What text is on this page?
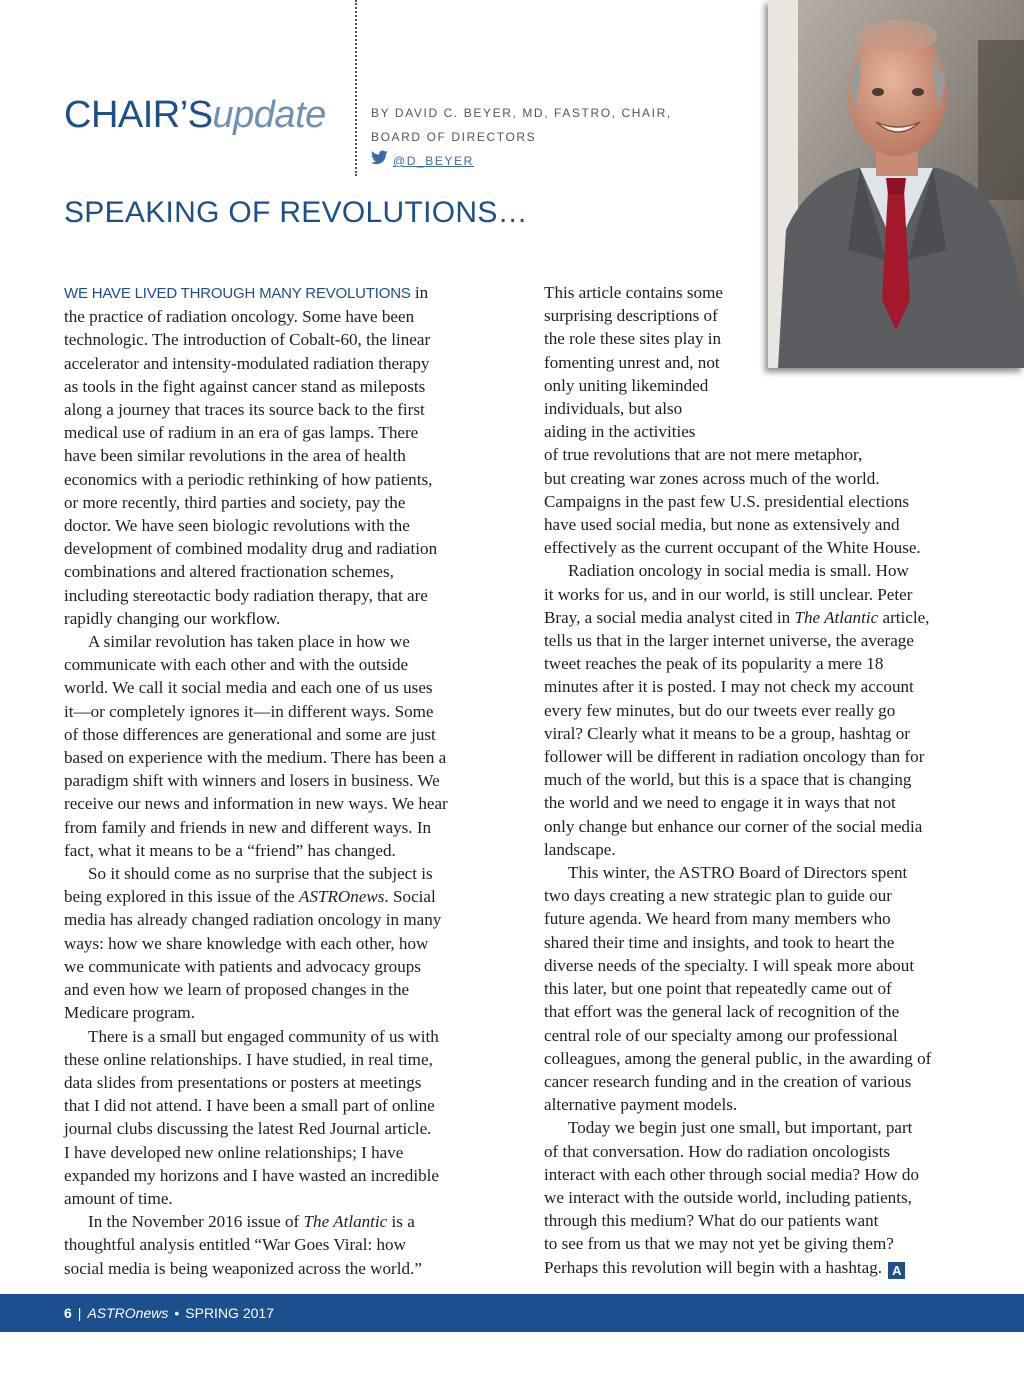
CHAIR’Supdate	BY DAVID C. BEYER, MD, FASTRO, CHAIR,
BOARD OF DIRECTORS
@D_BEYER
SPEAKING OF REVOLUTIONS…
WE HAVE LIVED THROUGH MANY REVOLUTIONS in
the practice of radiation oncology. Some have been
technologic. The introduction of Cobalt-60, the linear
accelerator and intensity-modulated radiation therapy
as tools in the fight against cancer stand as mileposts
along a journey that traces its source back to the first
medical use of radium in an era of gas lamps. There
have been similar revolutions in the area of health
economics with a periodic rethinking of how patients,
or more recently, third parties and society, pay the
doctor. We have seen biologic revolutions with the
development of combined modality drug and radiation
combinations and altered fractionation schemes,
including stereotactic body radiation therapy, that are
rapidly changing our workflow.
A similar revolution has taken place in how we
communicate with each other and with the outside
world. We call it social media and each one of us uses
it—or completely ignores it—in different ways. Some
of those differences are generational and some are just
based on experience with the medium. There has been a
paradigm shift with winners and losers in business. We
receive our news and information in new ways. We hear
from family and friends in new and different ways. In
fact, what it means to be a “friend” has changed.
So it should come as no surprise that the subject is
being explored in this issue of the ASTROnews. Social
media has already changed radiation oncology in many
ways: how we share knowledge with each other, how
we communicate with patients and advocacy groups
and even how we learn of proposed changes in the
Medicare program.
There is a small but engaged community of us with
these online relationships. I have studied, in real time,
data slides from presentations or posters at meetings
that I did not attend. I have been a small part of online
journal clubs discussing the latest Red Journal article.
I have developed new online relationships; I have
expanded my horizons and I have wasted an incredible
amount of time.
In the November 2016 issue of The Atlantic is a
thoughtful analysis entitled “War Goes Viral: how
social media is being weaponized across the world.”
This article contains some
surprising descriptions of
the role these sites play in
fomenting unrest and, not
only uniting likeminded
individuals, but also
aiding in the activities
of true revolutions that are not mere metaphor,
but creating war zones across much of the world.
Campaigns in the past few U.S. presidential elections
have used social media, but none as extensively and
effectively as the current occupant of the White House.
Radiation oncology in social media is small. How
it works for us, and in our world, is still unclear. Peter
Bray, a social media analyst cited in The Atlantic article,
tells us that in the larger internet universe, the average
tweet reaches the peak of its popularity a mere 18
minutes after it is posted. I may not check my account
every few minutes, but do our tweets ever really go
viral? Clearly what it means to be a group, hashtag or
follower will be different in radiation oncology than for
much of the world, but this is a space that is changing
the world and we need to engage it in ways that not
only change but enhance our corner of the social media
landscape.
This winter, the ASTRO Board of Directors spent
two days creating a new strategic plan to guide our
future agenda. We heard from many members who
shared their time and insights, and took to heart the
diverse needs of the specialty. I will speak more about
this later, but one point that repeatedly came out of
that effort was the general lack of recognition of the
central role of our specialty among our professional
colleagues, among the general public, in the awarding of
cancer research funding and in the creation of various
alternative payment models.
Today we begin just one small, but important, part
of that conversation. How do radiation oncologists
interact with each other through social media? How do
we interact with the outside world, including patients,
through this medium? What do our patients want
to see from us that we may not yet be giving them?
Perhaps this revolution will begin with a hashtag. A
6 | ASTROnews • SPRING 2017
